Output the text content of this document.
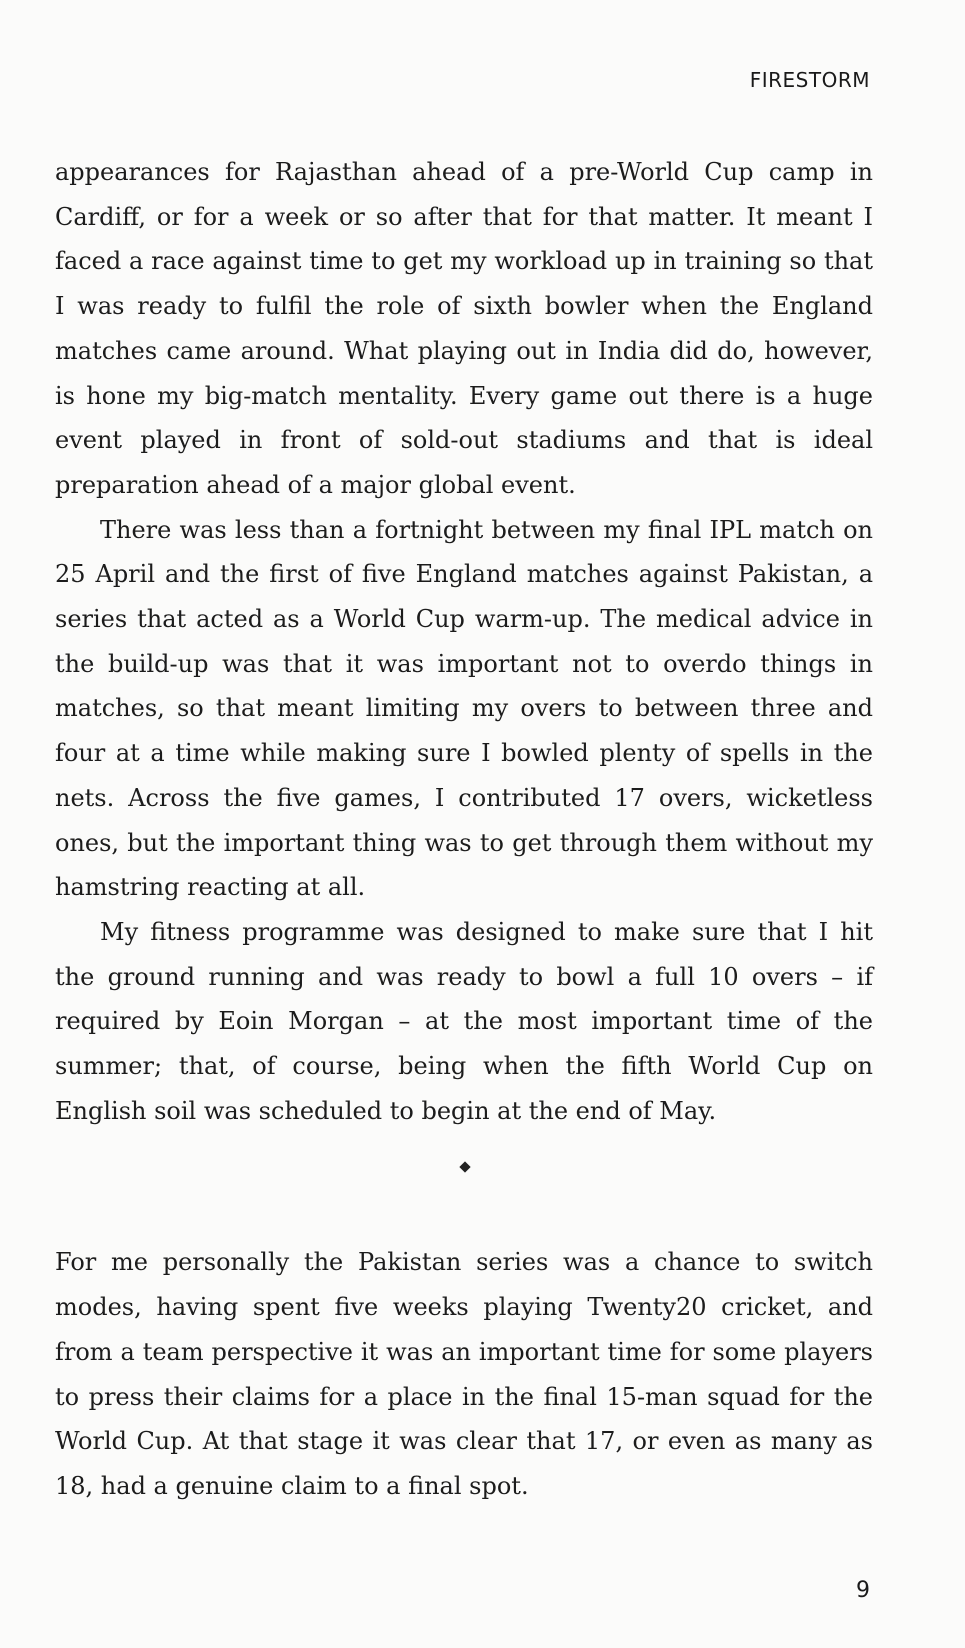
FIRESTORM

appearances for Rajasthan ahead of a pre-World Cup camp in Cardiff, or for a week or so after that for that matter. It meant I faced a race against time to get my workload up in training so that I was ready to fulfil the role of sixth bowler when the England matches came around. What playing out in India did do, however, is hone my big-match mentality. Every game out there is a huge event played in front of sold-out stadiums and that is ideal preparation ahead of a major global event.

There was less than a fortnight between my final IPL match on 25 April and the first of five England matches against Pakistan, a series that acted as a World Cup warm-up. The medical advice in the build-up was that it was important not to overdo things in matches, so that meant limiting my overs to between three and four at a time while making sure I bowled plenty of spells in the nets. Across the five games, I contributed 17 overs, wicketless ones, but the important thing was to get through them without my hamstring reacting at all.

My fitness programme was designed to make sure that I hit the ground running and was ready to bowl a full 10 overs – if required by Eoin Morgan – at the most important time of the summer; that, of course, being when the fifth World Cup on English soil was scheduled to begin at the end of May.

For me personally the Pakistan series was a chance to switch modes, having spent five weeks playing Twenty20 cricket, and from a team perspective it was an important time for some players to press their claims for a place in the final 15-man squad for the World Cup. At that stage it was clear that 17, or even as many as 18, had a genuine claim to a final spot.

9
